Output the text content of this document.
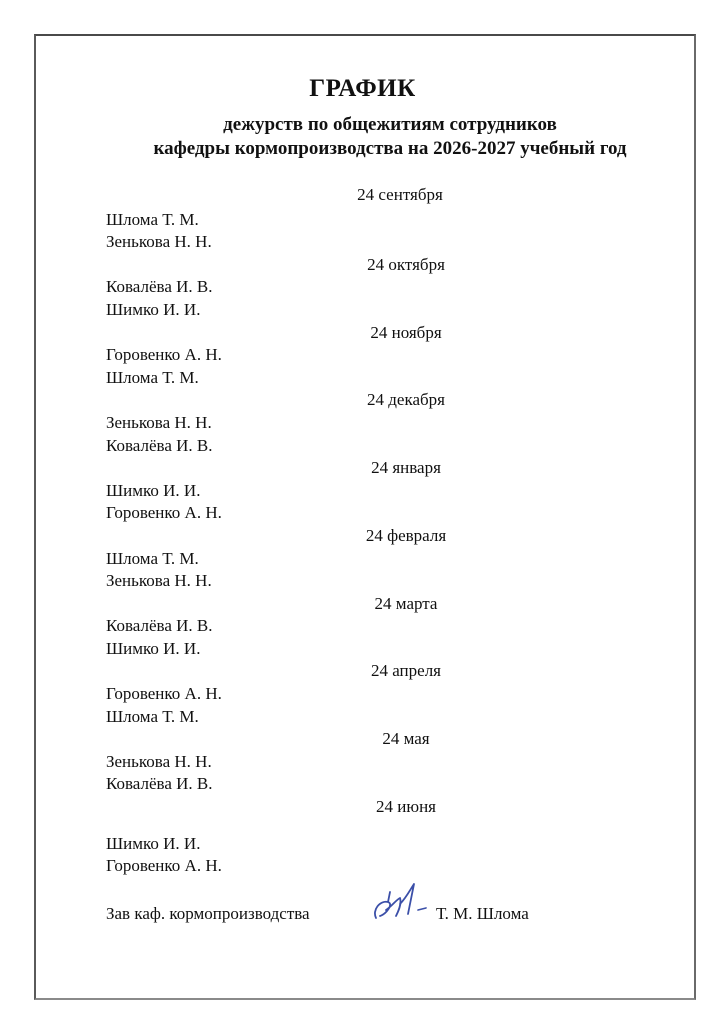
ГРАФИК
дежурств по общежитиям сотрудников
кафедры кормопроизводства на 2026-2027 учебный год
24 сентября
Шлома Т. М.
Зенькова Н. Н.
24 октября
Ковалёва И. В.
Шимко И. И.
24 ноября
Горовенко А. Н.
Шлома Т. М.
24 декабря
Зенькова Н. Н.
Ковалёва И. В.
24 января
Шимко И. И.
Горовенко А. Н.
24 февраля
Шлома Т. М.
Зенькова Н. Н.
24 марта
Ковалёва И. В.
Шимко И. И.
24 апреля
Горовенко А. Н.
Шлома Т. М.
24 мая
Зенькова Н. Н.
Ковалёва И. В.
24 июня
Шимко И. И.
Горовенко А. Н.
Зав каф. кормопроизводства	Т. М. Шлома
